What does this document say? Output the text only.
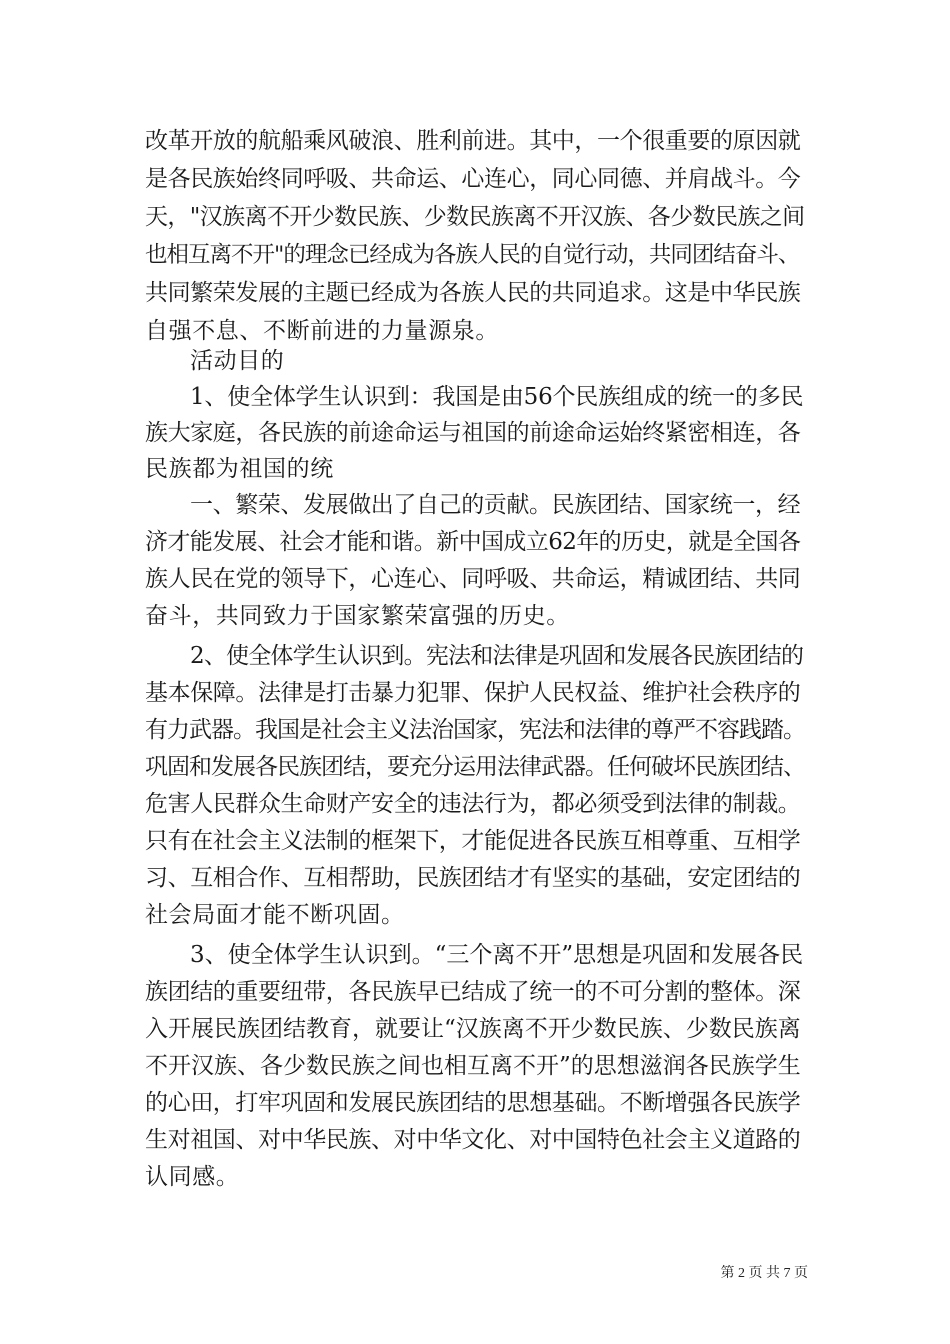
改革开放的航船乘风破浪、胜利前进。其中，一个很重要的原因就
是各民族始终同呼吸、共命运、心连心，同心同德、并肩战斗。今
天，"汉族离不开少数民族、少数民族离不开汉族、各少数民族之间
也相互离不开"的理念已经成为各族人民的自觉行动，共同团结奋斗、
共同繁荣发展的主题已经成为各族人民的共同追求。这是中华民族
自强不息、不断前进的力量源泉。
活动目的
1、使全体学生认识到：我国是由56个民族组成的统一的多民
族大家庭，各民族的前途命运与祖国的前途命运始终紧密相连，各
民族都为祖国的统
一、繁荣、发展做出了自己的贡献。民族团结、国家统一，经
济才能发展、社会才能和谐。新中国成立62年的历史，就是全国各
族人民在党的领导下，心连心、同呼吸、共命运，精诚团结、共同
奋斗，共同致力于国家繁荣富强的历史。
2、使全体学生认识到。宪法和法律是巩固和发展各民族团结的
基本保障。法律是打击暴力犯罪、保护人民权益、维护社会秩序的
有力武器。我国是社会主义法治国家，宪法和法律的尊严不容践踏。
巩固和发展各民族团结，要充分运用法律武器。任何破坏民族团结、
危害人民群众生命财产安全的违法行为，都必须受到法律的制裁。
只有在社会主义法制的框架下，才能促进各民族互相尊重、互相学
习、互相合作、互相帮助，民族团结才有坚实的基础，安定团结的
社会局面才能不断巩固。
3、使全体学生认识到。“三个离不开”思想是巩固和发展各民
族团结的重要纽带，各民族早已结成了统一的不可分割的整体。深
入开展民族团结教育，就要让“汉族离不开少数民族、少数民族离
不开汉族、各少数民族之间也相互离不开”的思想滋润各民族学生
的心田，打牢巩固和发展民族团结的思想基础。不断增强各民族学
生对祖国、对中华民族、对中华文化、对中国特色社会主义道路的
认同感。
第 2 页 共 7 页
